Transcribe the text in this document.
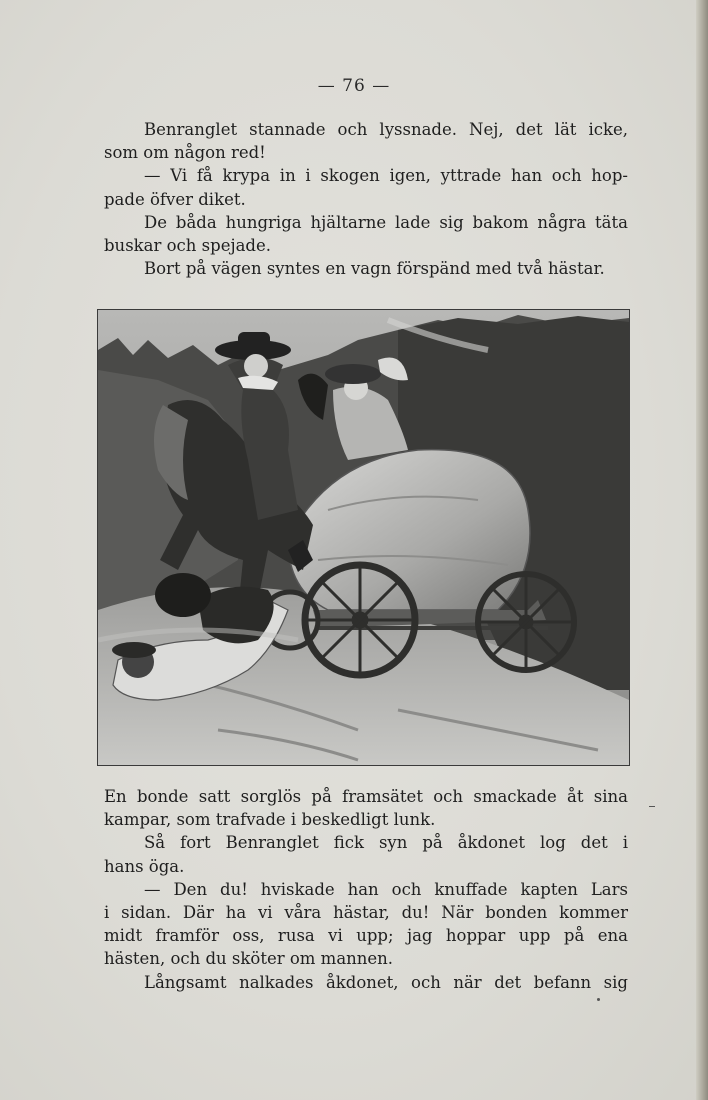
— 76 —

Benranglet stannade och lyssnade. Nej, det lät icke,
som om någon red!

— Vi få krypa in i skogen igen, yttrade han och hop-
pade öfver diket.

De båda hungriga hjältarne lade sig bakom några täta
buskar och spejade.

Bort på vägen syntes en vagn förspänd med två hästar.

En bonde satt sorglös på framsätet och smackade åt sina
kampar, som trafvade i beskedligt lunk.

Så fort Benranglet fick syn på åkdonet log det i
hans öga.

— Den du! hviskade han och knuffade kapten Lars
i sidan. Där ha vi våra hästar, du! När bonden kommer
midt framför oss, rusa vi upp; jag hoppar upp på ena
hästen, och du sköter om mannen.

Långsamt nalkades åkdonet, och när det befann sig
